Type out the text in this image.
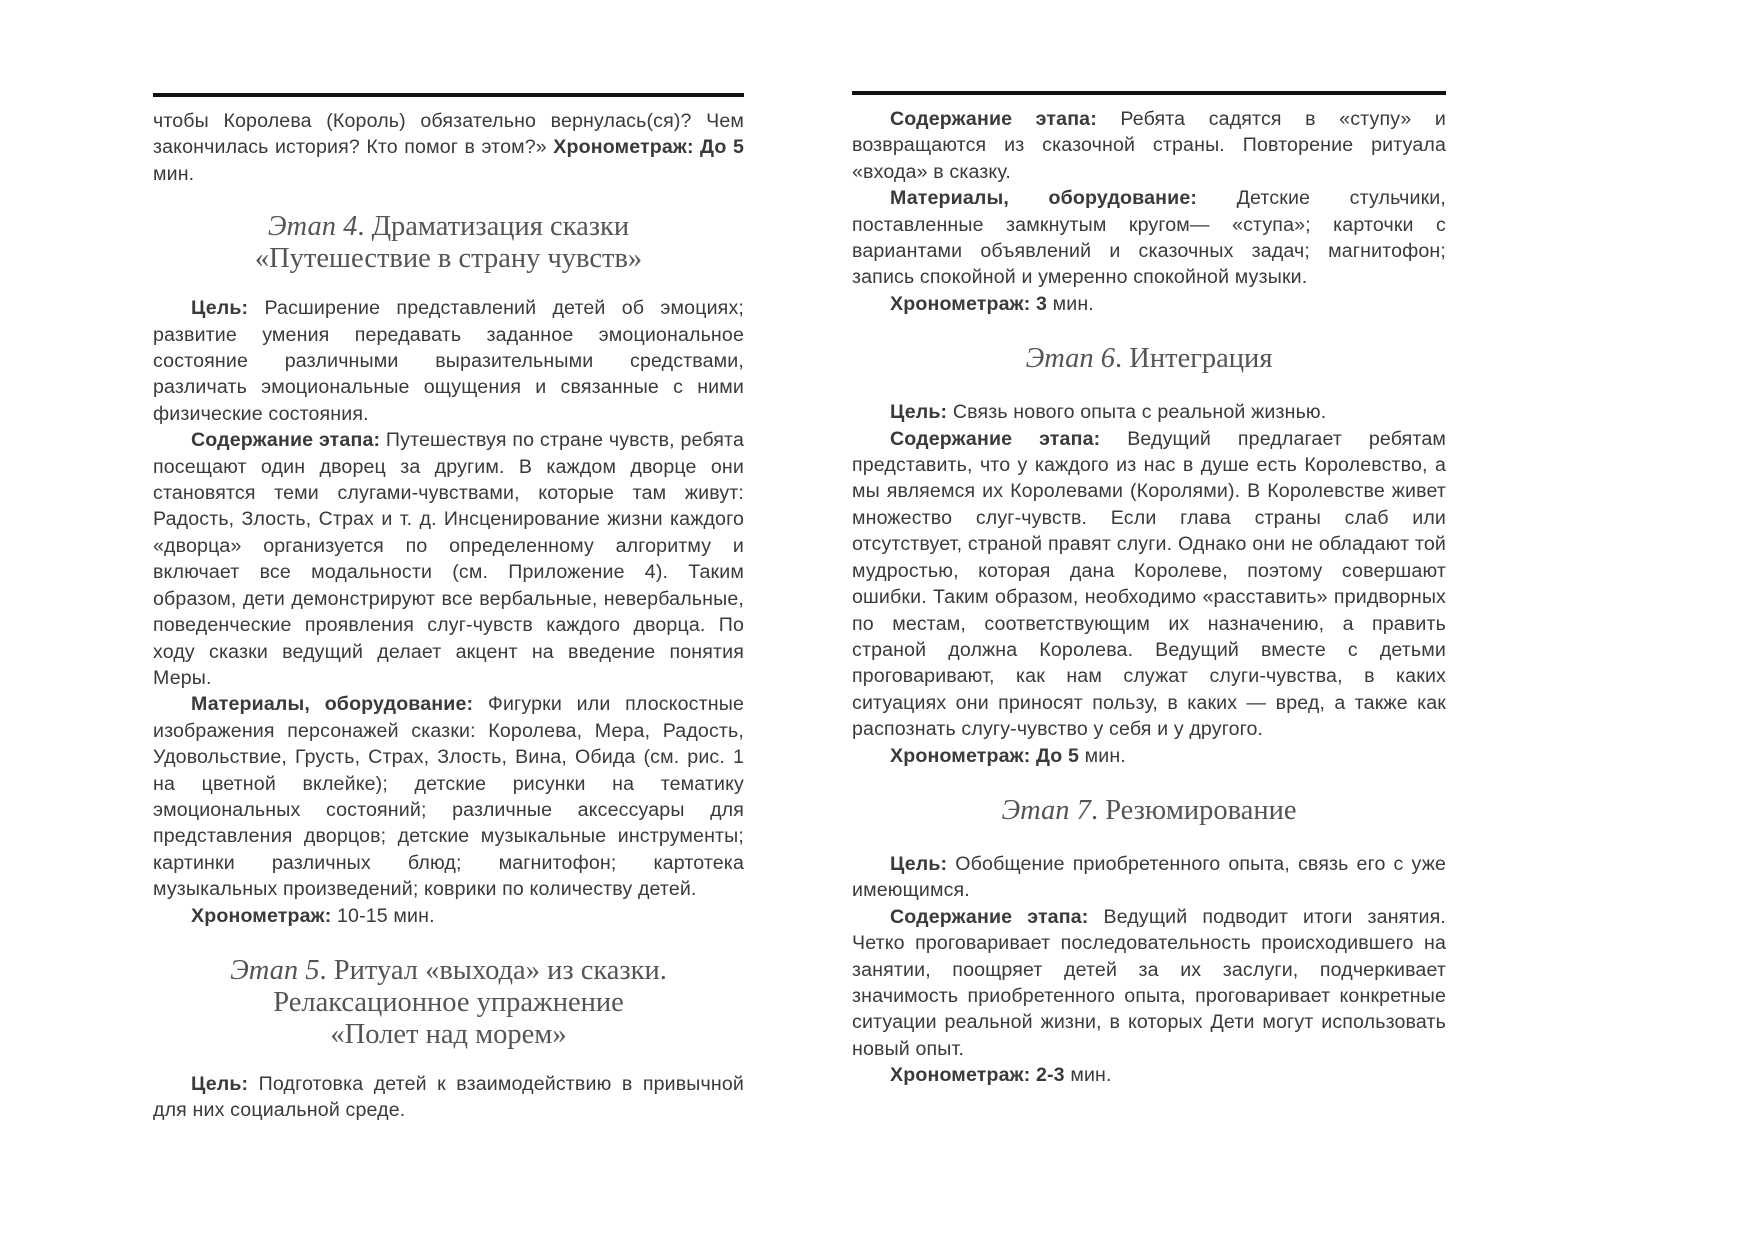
чтобы Королева (Король) обязательно вернулась(ся)? Чем закончилась история? Кто помог в этом?» Хронометраж: До 5 мин.

Этап 4. Драматизация сказки
«Путешествие в страну чувств»

Цель: Расширение представлений детей об эмоциях; развитие умения передавать заданное эмоциональное состояние различными выразительными средствами, различать эмоциональные ощущения и связанные с ними физические состояния.

Содержание этапа: Путешествуя по стране чувств, ребята посещают один дворец за другим. В каждом дворце они становятся теми слугами-чувствами, которые там живут: Радость, Злость, Страх и т. д. Инсценирование жизни каждого «дворца» организуется по определенному алгоритму и включает все модальности (см. Приложение 4). Таким образом, дети демонстрируют все вербальные, невербальные, поведенческие проявления слуг-чувств каждого дворца. По ходу сказки ведущий делает акцент на введение понятия Меры.

Материалы, оборудование: Фигурки или плоскостные изображения персонажей сказки: Королева, Мера, Радость, Удовольствие, Грусть, Страх, Злость, Вина, Обида (см. рис. 1 на цветной вклейке); детские рисунки на тематику эмоциональных состояний; различные аксессуары для представления дворцов; детские музыкальные инструменты; картинки различных блюд; магнитофон; картотека музыкальных произведений; коврики по количеству детей.

Хронометраж: 10-15 мин.

Этап 5. Ритуал «выхода» из сказки.
Релаксационное упражнение
«Полет над морем»

Цель: Подготовка детей к взаимодействию в привычной для них социальной среде.

Содержание этапа: Ребята садятся в «ступу» и возвращаются из сказочной страны. Повторение ритуала «входа» в сказку.

Материалы, оборудование: Детские стульчики, поставленные замкнутым кругом— «ступа»; карточки с вариантами объявлений и сказочных задач; магнитофон; запись спокойной и умеренно спокойной музыки.

Хронометраж: 3 мин.

Этап 6. Интеграция

Цель: Связь нового опыта с реальной жизнью.

Содержание этапа: Ведущий предлагает ребятам представить, что у каждого из нас в душе есть Королевство, а мы являемся их Королевами (Королями). В Королевстве живет множество слуг-чувств. Если глава страны слаб или отсутствует, страной правят слуги. Однако они не обладают той мудростью, которая дана Королеве, поэтому совершают ошибки. Таким образом, необходимо «расставить» придворных по местам, соответствующим их назначению, а править страной должна Королева. Ведущий вместе с детьми проговаривают, как нам служат слуги-чувства, в каких ситуациях они приносят пользу, в каких — вред, а также как распознать слугу-чувство у себя и у другого.

Хронометраж: До 5 мин.

Этап 7. Резюмирование

Цель: Обобщение приобретенного опыта, связь его с уже имеющимся.

Содержание этапа: Ведущий подводит итоги занятия. Четко проговаривает последовательность происходившего на занятии, поощряет детей за их заслуги, подчеркивает значимость приобретенного опыта, проговаривает конкретные ситуации реальной жизни, в которых Дети могут использовать новый опыт.

Хронометраж: 2-3 мин.
